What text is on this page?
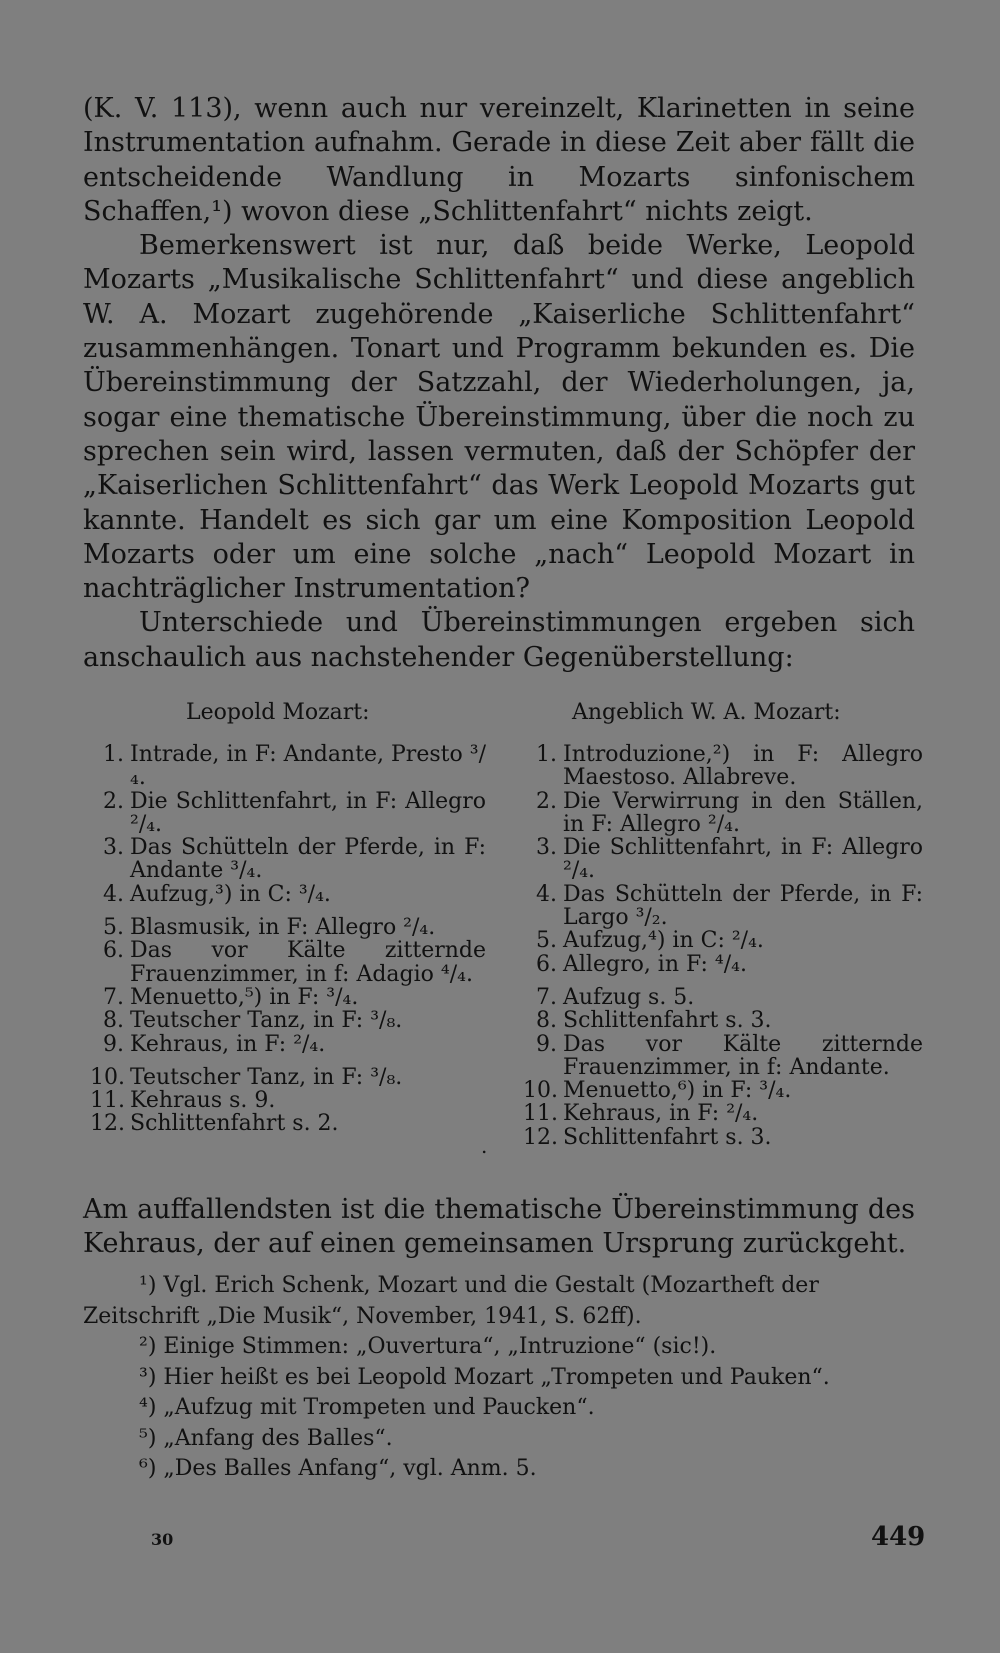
(K. V. 113), wenn auch nur vereinzelt, Klarinetten in seine Instrumentation aufnahm. Gerade in diese Zeit aber fällt die entscheidende Wandlung in Mozarts sinfonischem Schaffen,¹) wovon diese „Schlittenfahrt“ nichts zeigt.

Bemerkenswert ist nur, daß beide Werke, Leopold Mozarts „Musikalische Schlittenfahrt“ und diese angeblich W. A. Mozart zugehörende „Kaiserliche Schlittenfahrt“ zusammenhängen. Tonart und Programm bekunden es. Die Übereinstimmung der Satzzahl, der Wiederholungen, ja, sogar eine thematische Übereinstimmung, über die noch zu sprechen sein wird, lassen vermuten, daß der Schöpfer der „Kaiserlichen Schlittenfahrt“ das Werk Leopold Mozarts gut kannte. Handelt es sich gar um eine Komposition Leopold Mozarts oder um eine solche „nach“ Leopold Mozart in nachträglicher Instrumentation?

Unterschiede und Übereinstimmungen ergeben sich anschaulich aus nachstehender Gegenüberstellung:

Leopold Mozart:	Angeblich W. A. Mozart:
1. Intrade, in F: Andante, Presto ³/₄.
2. Die Schlittenfahrt, in F: Allegro ²/₄.
3. Das Schütteln der Pferde, in F: Andante ³/₄.
4. Aufzug,³) in C: ³/₄.
5. Blasmusik, in F: Allegro ²/₄.
6. Das vor Kälte zitternde Frauenzimmer, in f: Adagio ⁴/₄.
7. Menuetto,⁵) in F: ³/₄.
8. Teutscher Tanz, in F: ³/₈.
9. Kehraus, in F: ²/₄.
10. Teutscher Tanz, in F: ³/₈.
11. Kehraus s. 9.
12. Schlittenfahrt s. 2.
1. Introduzione,²) in F: Allegro Maestoso. Allabreve.
2. Die Verwirrung in den Ställen, in F: Allegro ²/₄.
3. Die Schlittenfahrt, in F: Allegro ²/₄.
4. Das Schütteln der Pferde, in F: Largo ³/₂.
5. Aufzug,⁴) in C: ²/₄.
6. Allegro, in F: ⁴/₄.
7. Aufzug s. 5.
8. Schlittenfahrt s. 3.
9. Das vor Kälte zitternde Frauenzimmer, in f: Andante.
10. Menuetto,⁶) in F: ³/₄.
11. Kehraus, in F: ²/₄.
12. Schlittenfahrt s. 3.
.

Am auffallendsten ist die thematische Übereinstimmung des Kehraus, der auf einen gemeinsamen Ursprung zurückgeht.

¹) Vgl. Erich Schenk, Mozart und die Gestalt (Mozartheft der Zeitschrift „Die Musik“, November, 1941, S. 62ff).

²) Einige Stimmen: „Ouvertura“, „Intruzione“ (sic!).

³) Hier heißt es bei Leopold Mozart „Trompeten und Pauken“.

⁴) „Aufzug mit Trompeten und Paucken“.

⁵) „Anfang des Balles“.

⁶) „Des Balles Anfang“, vgl. Anm. 5.

30	449
